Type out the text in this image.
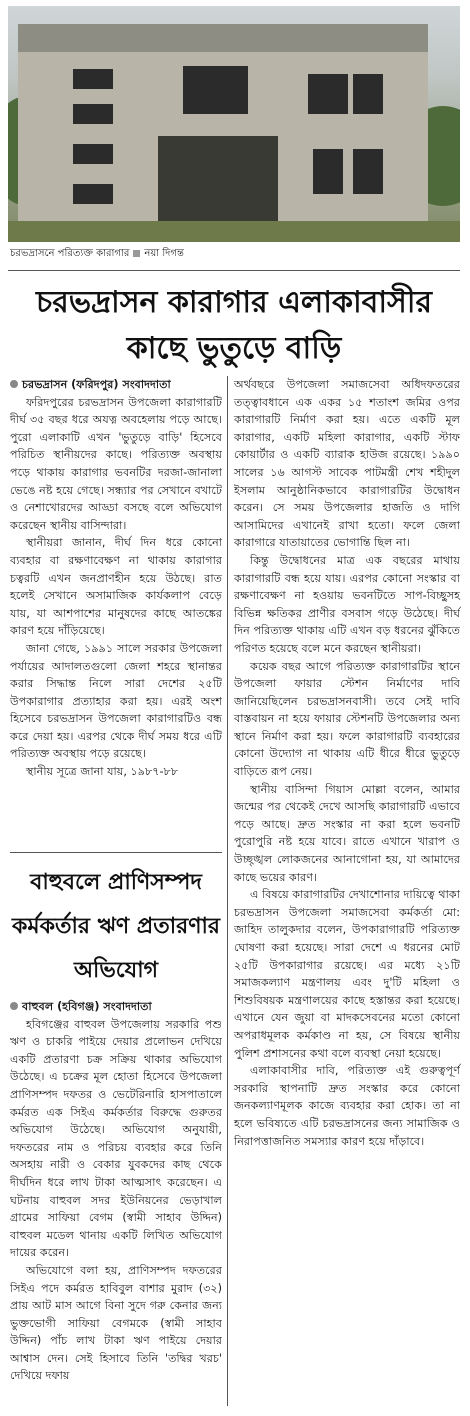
চরভদ্রাসনে পরিত্যক্ত কারাগার নয়া দিগন্ত
চরভদ্রাসন কারাগার এলাকাবাসীর
কাছে ভুতুড়ে বাড়ি

চরভদ্রাসন (ফরিদপুর) সংবাদদাতা

ফরিদপুরের চরভদ্রাসন উপজেলা কারাগারটি দীর্ঘ ৩৫ বছর ধরে অযত্ন অবহেলায় পড়ে আছে। পুরো এলাকাটি এখন 'ভুতুড়ে বাড়ি' হিসেবে পরিচিত স্থানীয়দের কাছে। পরিত্যক্ত অবস্থায় পড়ে থাকায় কারাগার ভবনটির দরজা-জানালা ভেঙে নষ্ট হয়ে গেছে। সন্ধ্যার পর সেখানে বখাটে ও নেশাখোরদের আড্ডা বসছে বলে অভিযোগ করেছেন স্থানীয় বাসিন্দারা।

স্থানীয়রা জানান, দীর্ঘ দিন ধরে কোনো ব্যবহার বা রক্ষণাবেক্ষণ না থাকায় কারাগার চত্বরটি এখন জনপ্রাণহীন হয়ে উঠছে। রাত হলেই সেখানে অসামাজিক কার্যকলাপ বেড়ে যায়, যা আশপাশের মানুষদের কাছে আতঙ্কের কারণ হয়ে দাঁড়িয়েছে।

জানা গেছে, ১৯৯১ সালে সরকার উপজেলা পর্যায়ের আদালতগুলো জেলা শহরে স্থানান্তর করার সিদ্ধান্ত নিলে সারা দেশের ২৫টি উপকারাগার প্রত্যাহার করা হয়। এরই অংশ হিসেবে চরভদ্রাসন উপজেলা কারাগারটিও বন্ধ করে দেয়া হয়। এরপর থেকে দীর্ঘ সময় ধরে এটি পরিত্যক্ত অবস্থায় পড়ে রয়েছে।

স্থানীয় সূত্রে জানা যায়, ১৯৮৭-৮৮

বাহুবলে প্রাণিসম্পদ কর্মকর্তার ঋণ প্রতারণার অভিযোগ

বাহুবল (হবিগঞ্জ) সংবাদদাতা

হবিগঞ্জের বাহুবল উপজেলায় সরকারি পশু ঋণ ও চাকরি পাইয়ে দেয়ার প্রলোভন দেখিয়ে একটি প্রতারণা চক্র সক্রিয় থাকার অভিযোগ উঠেছে। এ চক্রের মূল হোতা হিসেবে উপজেলা প্রাণিসম্পদ দফতর ও ভেটেরিনারি হাসপাতালে কর্মরত এক সিইএ কর্মকর্তার বিরুদ্ধে গুরুতর অভিযোগ উঠেছে। অভিযোগ অনুযায়ী, দফতরের নাম ও পরিচয় ব্যবহার করে তিনি অসহায় নারী ও বেকার যুবকদের কাছ থেকে দীর্ঘদিন ধরে লাখ টাকা আত্মসাৎ করেছেন। এ ঘটনায় বাহুবল সদর ইউনিয়নের ভেড়াখাল গ্রামের সাফিয়া বেগম (স্বামী সাহাব উদ্দিন) বাহুবল মডেল থানায় একটি লিখিত অভিযোগ দায়ের করেন।

অভিযোগে বলা হয়, প্রাণিসম্পদ দফতরের সিইএ পদে কর্মরত হাবিবুল বাশার মুরাদ (৩২) প্রায় আট মাস আগে বিনা সুদে গরু কেনার জন্য ভুক্তভোগী সাফিয়া বেগমকে (স্বামী সাহাব উদ্দিন) পাঁচ লাখ টাকা ঋণ পাইয়ে দেয়ার আশ্বাস দেন। সেই হিসাবে তিনি 'তদ্বির খরচ' দেখিয়ে দফায়

অর্থবছরে উপজেলা সমাজসেবা অধিদফতরের তত্ত্বাবধানে এক একর ১৫ শতাংশ জমির ওপর কারাগারটি নির্মাণ করা হয়। এতে একটি মূল কারাগার, একটি মহিলা কারাগার, একটি স্টাফ কোয়ার্টার ও একটি ব্যারাক হাউজ রয়েছে। ১৯৯০ সালের ১৬ আগস্ট সাবেক পাটমন্ত্রী শেখ শহীদুল ইসলাম আনুষ্ঠানিকভাবে কারাগারটির উদ্বোধন করেন। সে সময় উপজেলার হাজতি ও দাগি আসামিদের এখানেই রাখা হতো। ফলে জেলা কারাগারে যাতায়াতের ভোগান্তি ছিল না।

কিন্তু উদ্বোধনের মাত্র এক বছরের মাথায় কারাগারটি বন্ধ হয়ে যায়। এরপর কোনো সংস্কার বা রক্ষণাবেক্ষণ না হওয়ায় ভবনটিতে সাপ-বিচ্ছুসহ বিভিন্ন ক্ষতিকর প্রাণীর বসবাস গড়ে উঠেছে। দীর্ঘ দিন পরিত্যক্ত থাকায় এটি এখন বড় ধরনের ঝুঁকিতে পরিণত হয়েছে বলে মনে করছেন স্থানীয়রা।

কয়েক বছর আগে পরিত্যক্ত কারাগারটির স্থানে উপজেলা ফায়ার স্টেশন নির্মাণের দাবি জানিয়েছিলেন চরভদ্রাসনবাসী। তবে সেই দাবি বাস্তবায়ন না হয়ে ফায়ার স্টেশনটি উপজেলার অন্য স্থানে নির্মাণ করা হয়। ফলে কারাগারটি ব্যবহারের কোনো উদ্যোগ না থাকায় এটি ধীরে ধীরে ভুতুড়ে বাড়িতে রূপ নেয়।

স্থানীয় বাসিন্দা গিয়াস মোল্লা বলেন, আমার জন্মের পর থেকেই দেখে আসছি কারাগারটি এভাবে পড়ে আছে। দ্রুত সংস্কার না করা হলে ভবনটি পুরোপুরি নষ্ট হয়ে যাবে। রাতে এখানে খারাপ ও উচ্ছৃঙ্খল লোকজনের আনাগোনা হয়, যা আমাদের কাছে ভয়ের কারণ।

এ বিষয়ে কারাগারটির দেখাশোনার দায়িত্বে থাকা চরভদ্রাসন উপজেলা সমাজসেবা কর্মকর্তা মো: জাহিদ তালুকদার বলেন, উপকারাগারটি পরিত্যক্ত ঘোষণা করা হয়েছে। সারা দেশে এ ধরনের মোট ২৫টি উপকারাগার রয়েছে। এর মধ্যে ২১টি সমাজকল্যাণ মন্ত্রণালয় এবং দু'টি মহিলা ও শিশুবিষয়ক মন্ত্রণালয়ের কাছে হস্তান্তর করা হয়েছে। এখানে যেন জুয়া বা মাদকসেবনের মতো কোনো অপরাধমূলক কর্মকাণ্ড না হয়, সে বিষয়ে স্থানীয় পুলিশ প্রশাসনের কথা বলে ব্যবস্থা নেয়া হয়েছে।

এলাকাবাসীর দাবি, পরিত্যক্ত এই গুরুত্বপূর্ণ সরকারি স্থাপনাটি দ্রুত সংস্কার করে কোনো জনকল্যাণমূলক কাজে ব্যবহার করা হোক। তা না হলে ভবিষ্যতে এটি চরভদ্রাসনের জন্য সামাজিক ও নিরাপত্তাজনিত সমস্যার কারণ হয়ে দাঁড়াবে।
